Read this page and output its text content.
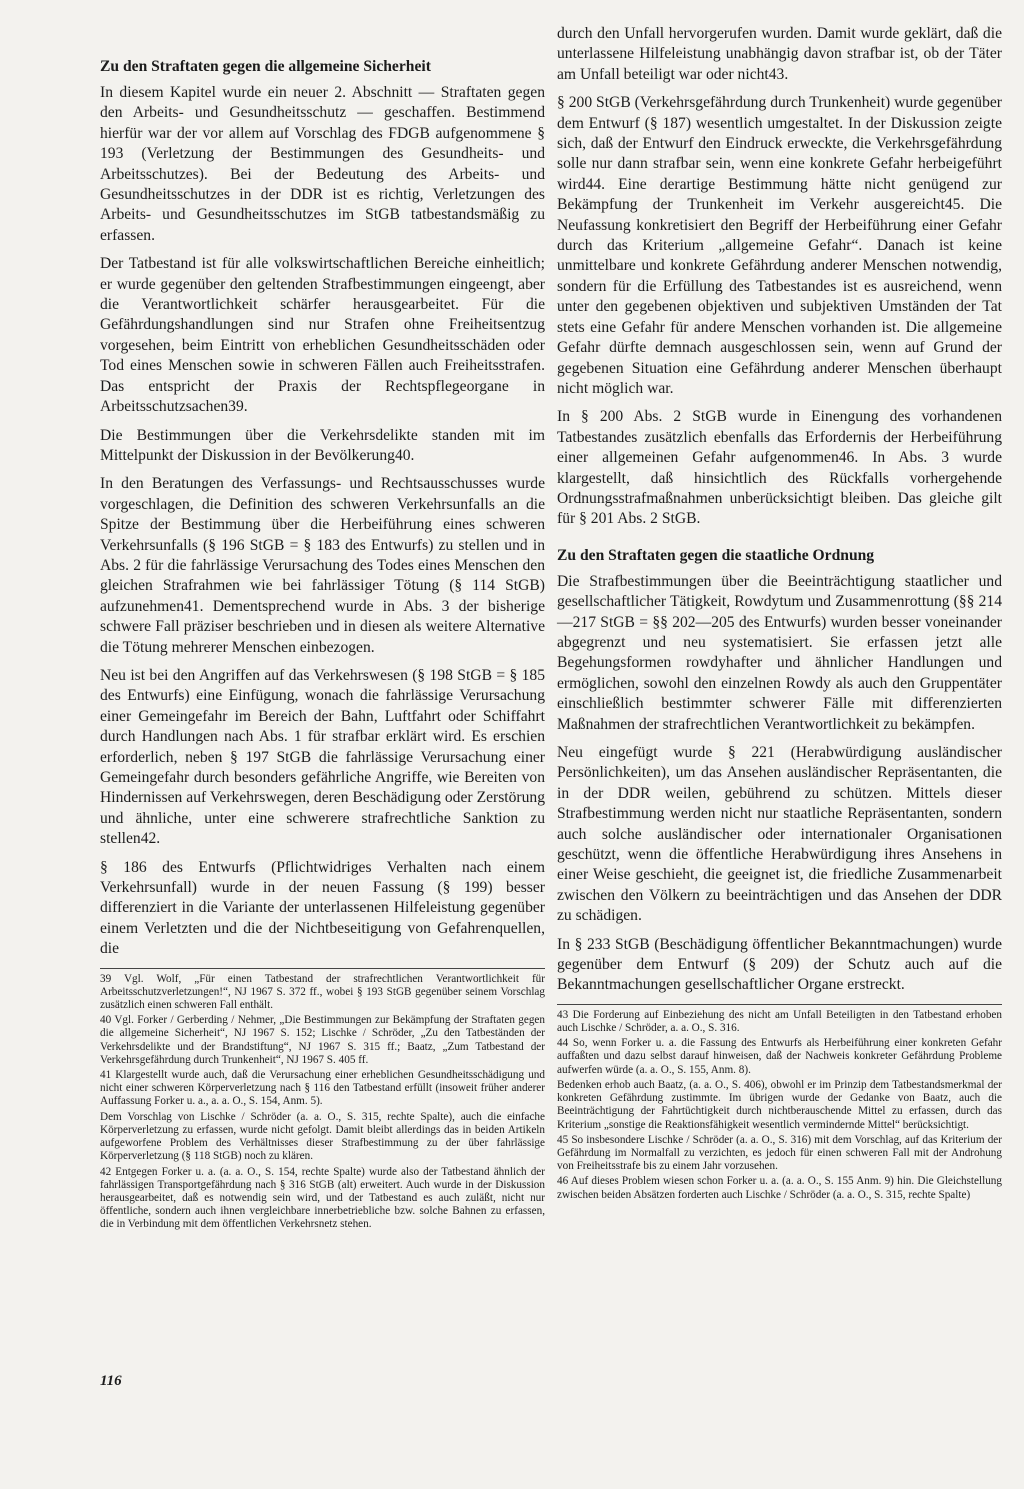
Zu den Straftaten gegen die allgemeine Sicherheit

In diesem Kapitel wurde ein neuer 2. Abschnitt — Straftaten gegen den Arbeits- und Gesundheitsschutz — geschaffen. Bestimmend hierfür war der vor allem auf Vorschlag des FDGB aufgenommene § 193 (Verletzung der Bestimmungen des Gesundheits- und Arbeitsschutzes). Bei der Bedeutung des Arbeits- und Gesundheitsschutzes in der DDR ist es richtig, Verletzungen des Arbeits- und Gesundheitsschutzes im StGB tatbestandsmäßig zu erfassen.

Der Tatbestand ist für alle volkswirtschaftlichen Bereiche einheitlich; er wurde gegenüber den geltenden Strafbestimmungen eingeengt, aber die Verantwortlichkeit schärfer herausgearbeitet. Für die Gefährdungshandlungen sind nur Strafen ohne Freiheitsentzug vorgesehen, beim Eintritt von erheblichen Gesundheitsschäden oder Tod eines Menschen sowie in schweren Fällen auch Freiheitsstrafen. Das entspricht der Praxis der Rechtspflegeorgane in Arbeitsschutzsachen39.

Die Bestimmungen über die Verkehrsdelikte standen mit im Mittelpunkt der Diskussion in der Bevölkerung40.

In den Beratungen des Verfassungs- und Rechtsausschusses wurde vorgeschlagen, die Definition des schweren Verkehrsunfalls an die Spitze der Bestimmung über die Herbeiführung eines schweren Verkehrsunfalls (§ 196 StGB = § 183 des Entwurfs) zu stellen und in Abs. 2 für die fahrlässige Verursachung des Todes eines Menschen den gleichen Strafrahmen wie bei fahrlässiger Tötung (§ 114 StGB) aufzunehmen41. Dementsprechend wurde in Abs. 3 der bisherige schwere Fall präziser beschrieben und in diesen als weitere Alternative die Tötung mehrerer Menschen einbezogen.

Neu ist bei den Angriffen auf das Verkehrswesen (§ 198 StGB = § 185 des Entwurfs) eine Einfügung, wonach die fahrlässige Verursachung einer Gemeingefahr im Bereich der Bahn, Luftfahrt oder Schiffahrt durch Handlungen nach Abs. 1 für strafbar erklärt wird. Es erschien erforderlich, neben § 197 StGB die fahrlässige Verursachung einer Gemeingefahr durch besonders gefährliche Angriffe, wie Bereiten von Hindernissen auf Verkehrswegen, deren Beschädigung oder Zerstörung und ähnliche, unter eine schwerere strafrechtliche Sanktion zu stellen42.

§ 186 des Entwurfs (Pflichtwidriges Verhalten nach einem Verkehrsunfall) wurde in der neuen Fassung (§ 199) besser differenziert in die Variante der unterlassenen Hilfeleistung gegenüber einem Verletzten und die der Nichtbeseitigung von Gefahrenquellen, die

39 Vgl. Wolf, „Für einen Tatbestand der strafrechtlichen Verantwortlichkeit für Arbeitsschutzverletzungen!“, NJ 1967 S. 372 ff., wobei § 193 StGB gegenüber seinem Vorschlag zusätzlich einen schweren Fall enthält.

40 Vgl. Forker / Gerberding / Nehmer, „Die Bestimmungen zur Bekämpfung der Straftaten gegen die allgemeine Sicherheit“, NJ 1967 S. 152; Lischke / Schröder, „Zu den Tatbeständen der Verkehrsdelikte und der Brandstiftung“, NJ 1967 S. 315 ff.; Baatz, „Zum Tatbestand der Verkehrsgefährdung durch Trunkenheit“, NJ 1967 S. 405 ff.

41 Klargestellt wurde auch, daß die Verursachung einer erheblichen Gesundheitsschädigung und nicht einer schweren Körperverletzung nach § 116 den Tatbestand erfüllt (insoweit früher anderer Auffassung Forker u. a., a. a. O., S. 154, Anm. 5).

Dem Vorschlag von Lischke / Schröder (a. a. O., S. 315, rechte Spalte), auch die einfache Körperverletzung zu erfassen, wurde nicht gefolgt. Damit bleibt allerdings das in beiden Artikeln aufgeworfene Problem des Verhältnisses dieser Strafbestimmung zu der über fahrlässige Körperverletzung (§ 118 StGB) noch zu klären.

42 Entgegen Forker u. a. (a. a. O., S. 154, rechte Spalte) wurde also der Tatbestand ähnlich der fahrlässigen Transportgefährdung nach § 316 StGB (alt) erweitert. Auch wurde in der Diskussion herausgearbeitet, daß es notwendig sein wird, und der Tatbestand es auch zuläßt, nicht nur öffentliche, sondern auch ihnen vergleichbare innerbetriebliche bzw. solche Bahnen zu erfassen, die in Verbindung mit dem öffentlichen Verkehrsnetz stehen.

durch den Unfall hervorgerufen wurden. Damit wurde geklärt, daß die unterlassene Hilfeleistung unabhängig davon strafbar ist, ob der Täter am Unfall beteiligt war oder nicht43.

§ 200 StGB (Verkehrsgefährdung durch Trunkenheit) wurde gegenüber dem Entwurf (§ 187) wesentlich umgestaltet. In der Diskussion zeigte sich, daß der Entwurf den Eindruck erweckte, die Verkehrsgefährdung solle nur dann strafbar sein, wenn eine konkrete Gefahr herbeigeführt wird44. Eine derartige Bestimmung hätte nicht genügend zur Bekämpfung der Trunkenheit im Verkehr ausgereicht45. Die Neufassung konkretisiert den Begriff der Herbeiführung einer Gefahr durch das Kriterium „allgemeine Gefahr“. Danach ist keine unmittelbare und konkrete Gefährdung anderer Menschen notwendig, sondern für die Erfüllung des Tatbestandes ist es ausreichend, wenn unter den gegebenen objektiven und subjektiven Umständen der Tat stets eine Gefahr für andere Menschen vorhanden ist. Die allgemeine Gefahr dürfte demnach ausgeschlossen sein, wenn auf Grund der gegebenen Situation eine Gefährdung anderer Menschen überhaupt nicht möglich war.

In § 200 Abs. 2 StGB wurde in Einengung des vorhandenen Tatbestandes zusätzlich ebenfalls das Erfordernis der Herbeiführung einer allgemeinen Gefahr aufgenommen46. In Abs. 3 wurde klargestellt, daß hinsichtlich des Rückfalls vorhergehende Ordnungsstrafmaßnahmen unberücksichtigt bleiben. Das gleiche gilt für § 201 Abs. 2 StGB.

Zu den Straftaten gegen die staatliche Ordnung

Die Strafbestimmungen über die Beeinträchtigung staatlicher und gesellschaftlicher Tätigkeit, Rowdytum und Zusammenrottung (§§ 214—217 StGB = §§ 202—205 des Entwurfs) wurden besser voneinander abgegrenzt und neu systematisiert. Sie erfassen jetzt alle Begehungsformen rowdyhafter und ähnlicher Handlungen und ermöglichen, sowohl den einzelnen Rowdy als auch den Gruppentäter einschließlich bestimmter schwerer Fälle mit differenzierten Maßnahmen der strafrechtlichen Verantwortlichkeit zu bekämpfen.

Neu eingefügt wurde § 221 (Herabwürdigung ausländischer Persönlichkeiten), um das Ansehen ausländischer Repräsentanten, die in der DDR weilen, gebührend zu schützen. Mittels dieser Strafbestimmung werden nicht nur staatliche Repräsentanten, sondern auch solche ausländischer oder internationaler Organisationen geschützt, wenn die öffentliche Herabwürdigung ihres Ansehens in einer Weise geschieht, die geeignet ist, die friedliche Zusammenarbeit zwischen den Völkern zu beeinträchtigen und das Ansehen der DDR zu schädigen.

In § 233 StGB (Beschädigung öffentlicher Bekanntmachungen) wurde gegenüber dem Entwurf (§ 209) der Schutz auch auf die Bekanntmachungen gesellschaftlicher Organe erstreckt.

43 Die Forderung auf Einbeziehung des nicht am Unfall Beteiligten in den Tatbestand erhoben auch Lischke / Schröder, a. a. O., S. 316.

44 So, wenn Forker u. a. die Fassung des Entwurfs als Herbeiführung einer konkreten Gefahr auffaßten und dazu selbst darauf hinweisen, daß der Nachweis konkreter Gefährdung Probleme aufwerfen würde (a. a. O., S. 155, Anm. 8).

Bedenken erhob auch Baatz, (a. a. O., S. 406), obwohl er im Prinzip dem Tatbestandsmerkmal der konkreten Gefährdung zustimmte. Im übrigen wurde der Gedanke von Baatz, auch die Beeinträchtigung der Fahrtüchtigkeit durch nichtberauschende Mittel zu erfassen, durch das Kriterium „sonstige die Reaktionsfähigkeit wesentlich vermindernde Mittel“ berücksichtigt.

45 So insbesondere Lischke / Schröder (a. a. O., S. 316) mit dem Vorschlag, auf das Kriterium der Gefährdung im Normalfall zu verzichten, es jedoch für einen schweren Fall mit der Androhung von Freiheitsstrafe bis zu einem Jahr vorzusehen.

46 Auf dieses Problem wiesen schon Forker u. a. (a. a. O., S. 155 Anm. 9) hin. Die Gleichstellung zwischen beiden Absätzen forderten auch Lischke / Schröder (a. a. O., S. 315, rechte Spalte)

116
